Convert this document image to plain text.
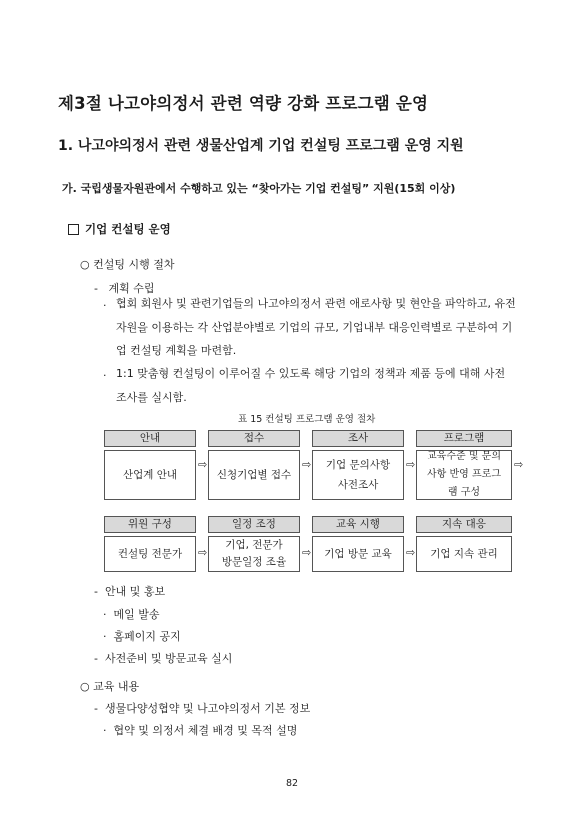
제3절 나고야의정서 관련 역량 강화 프로그램 운영
1. 나고야의정서 관련 생물산업계 기업 컨설팅 프로그램 운영 지원
가. 국립생물자원관에서 수행하고 있는 “찾아가는 기업 컨설팅” 지원(15회 이상)
기업 컨설팅 운영
○ 컨설팅 시행 절차
-   계획 수립
· 협회 회원사 및 관련기업들의 나고야의정서 관련 애로사항 및 현안을 파악하고, 유전자원을 이용하는 각 산업분야별로 기업의 규모, 기업내부 대응인력별로 구분하여 기업 컨설팅 계획을 마련함.
· 1:1 맞춤형 컨설팅이 이루어질 수 있도록 해당 기업의 정책과 제품 등에 대해 사전 조사를 실시함.
표 15 컨설팅 프로그램 운영 절차
안내
산업계 안내
⇨
접수
신청기업별 접수
⇨
조사
기업 문의사항 사전조사
⇨
프로그램
교육수준 및 문의사항 반영 프로그램 구성
⇨
위원 구성
컨설팅 전문가	⇨
일정 조정
기업, 전문가 방문일정 조율
⇨
교육 시행
기업 방문 교육	⇨
지속 대응
기업 지속 관리
-  안내 및 홍보
·  메일 발송
·  홈페이지 공지
-  사전준비 및 방문교육 실시
○ 교육 내용
-  생물다양성협약 및 나고야의정서 기본 정보
·  협약 및 의정서 체결 배경 및 목적 설명
82
